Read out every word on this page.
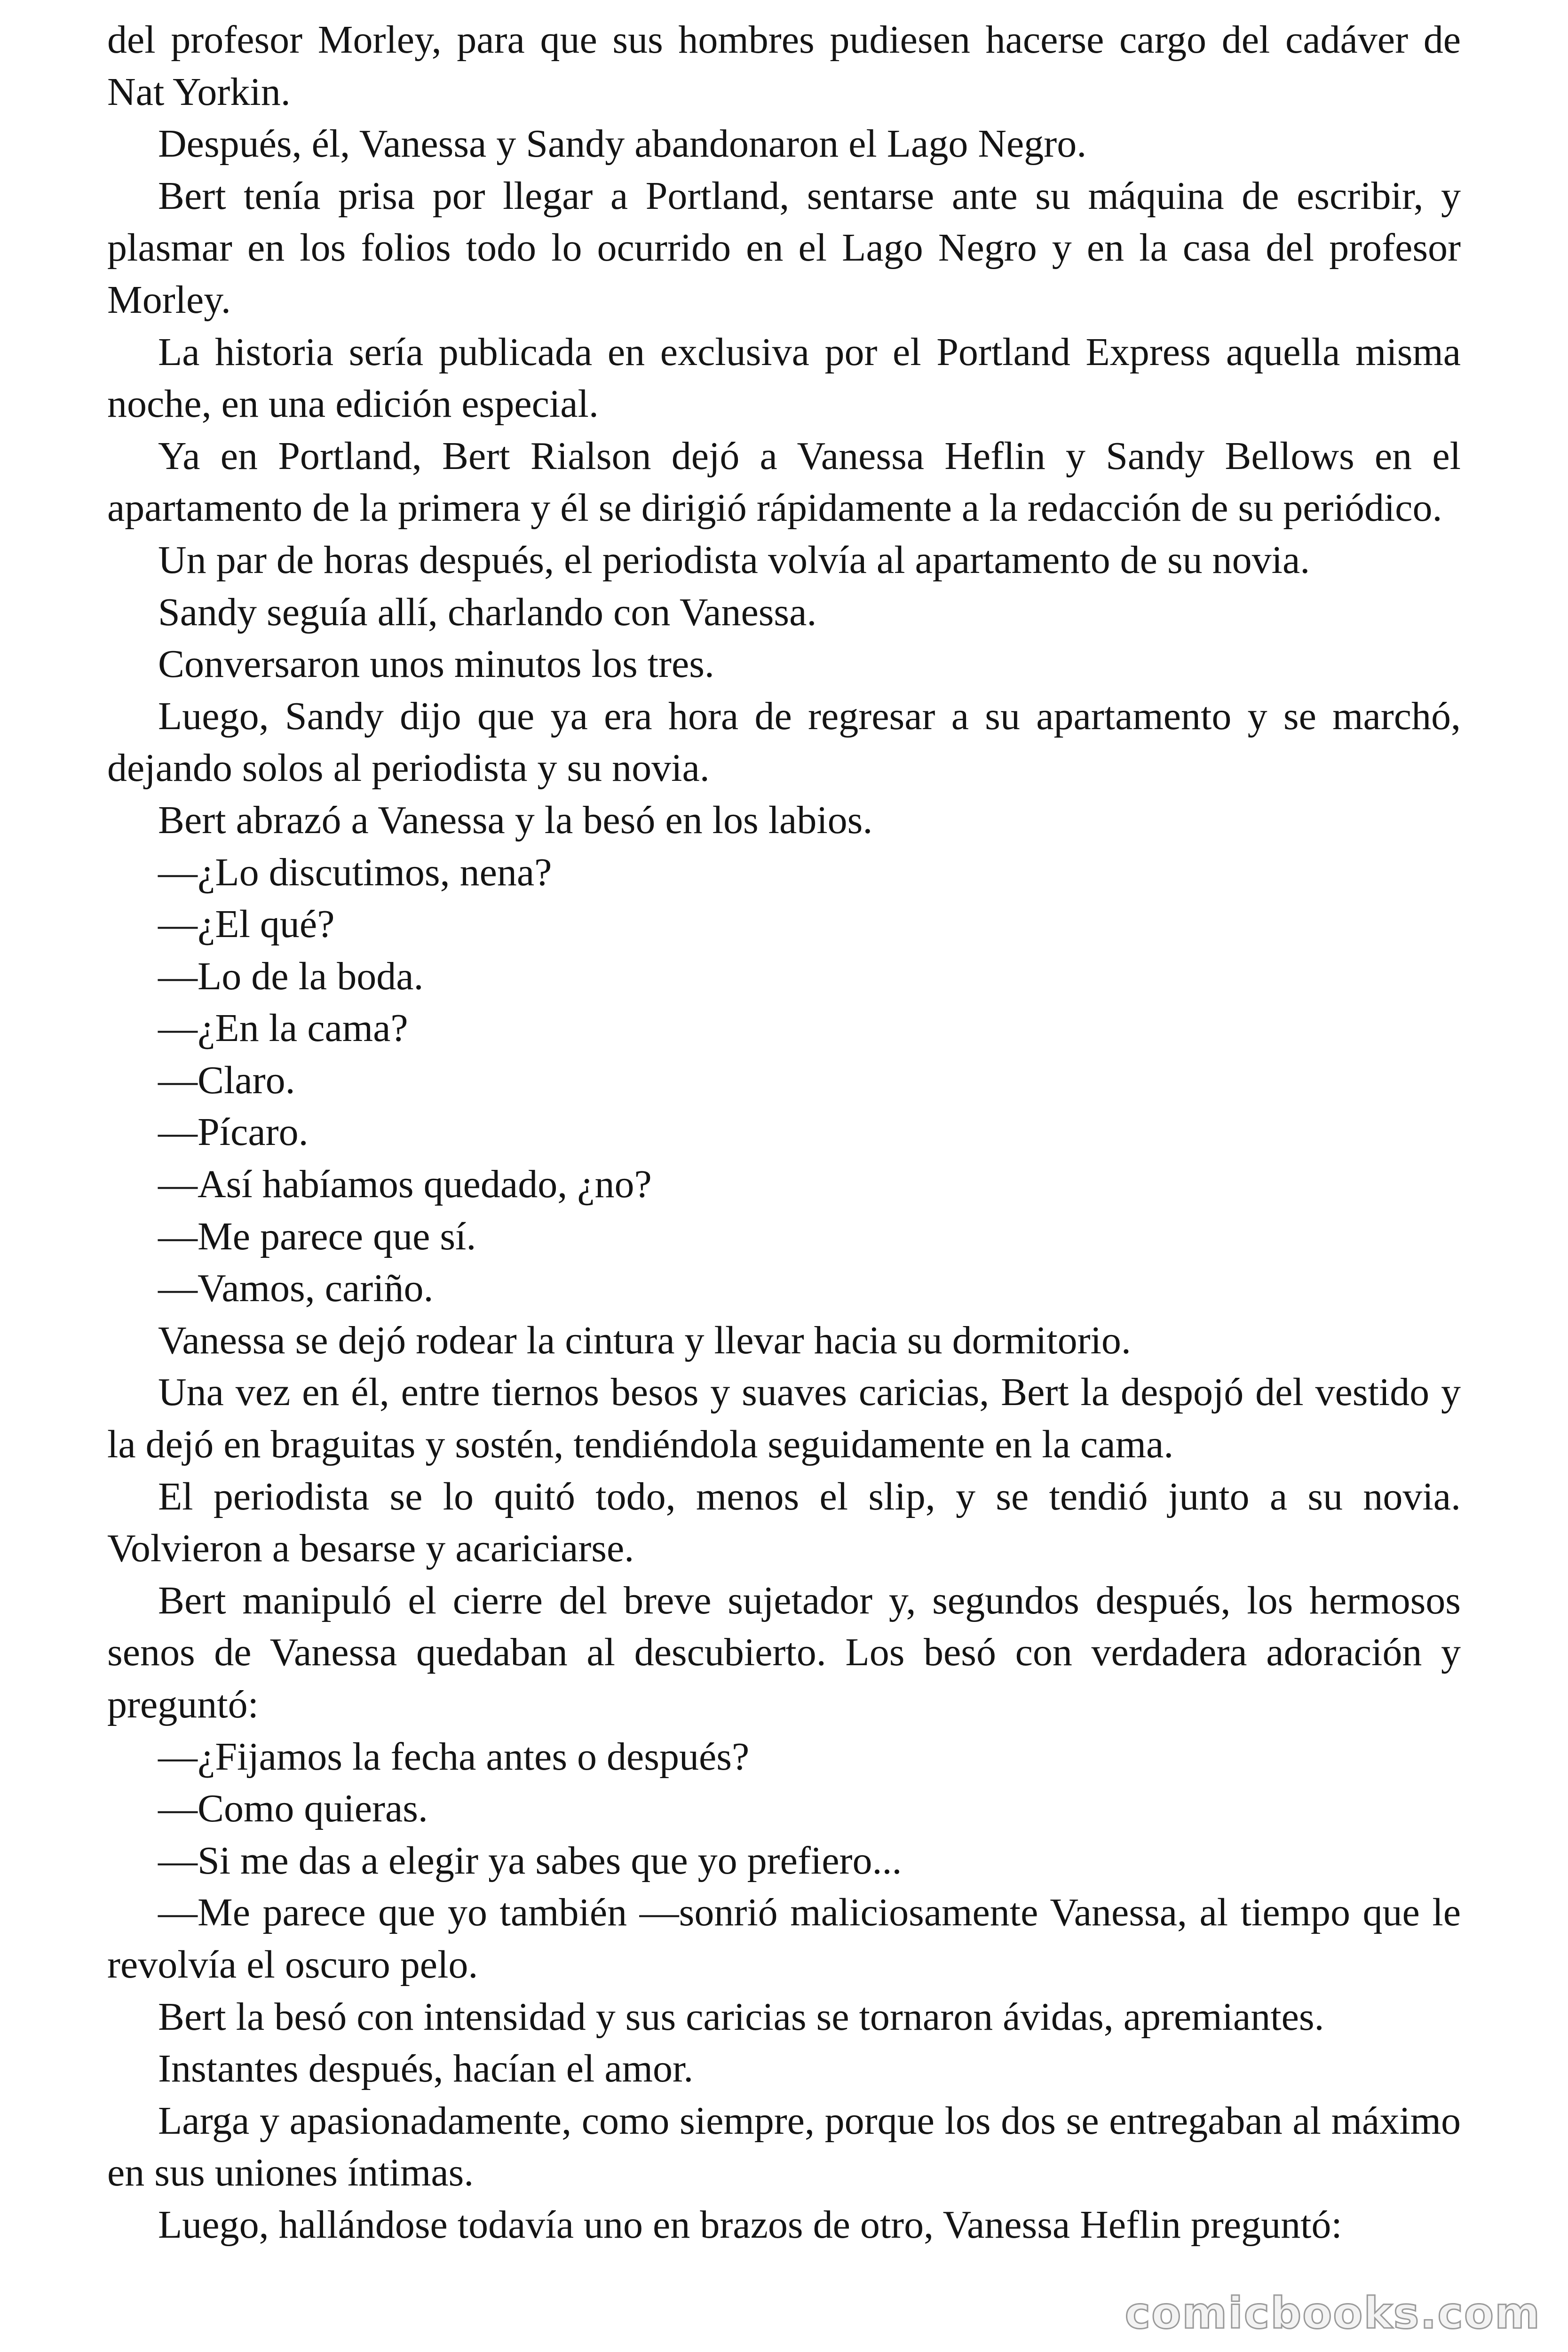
del profesor Morley, para que sus hombres pudiesen hacerse cargo del cadáver de Nat Yorkin.

Después, él, Vanessa y Sandy abandonaron el Lago Negro.

Bert tenía prisa por llegar a Portland, sentarse ante su máquina de escribir, y plasmar en los folios todo lo ocurrido en el Lago Negro y en la casa del profesor Morley.

La historia sería publicada en exclusiva por el Portland Express aquella misma noche, en una edición especial.

Ya en Portland, Bert Rialson dejó a Vanessa Heflin y Sandy Bellows en el apartamento de la primera y él se dirigió rápidamente a la redacción de su periódico.

Un par de horas después, el periodista volvía al apartamento de su novia.

Sandy seguía allí, charlando con Vanessa.

Conversaron unos minutos los tres.

Luego, Sandy dijo que ya era hora de regresar a su apartamento y se marchó, dejando solos al periodista y su novia.

Bert abrazó a Vanessa y la besó en los labios.

—¿Lo discutimos, nena?

—¿El qué?

—Lo de la boda.

—¿En la cama?

—Claro.

—Pícaro.

—Así habíamos quedado, ¿no?

—Me parece que sí.

—Vamos, cariño.

Vanessa se dejó rodear la cintura y llevar hacia su dormitorio.

Una vez en él, entre tiernos besos y suaves caricias, Bert la despojó del vestido y la dejó en braguitas y sostén, tendiéndola seguidamente en la cama.

El periodista se lo quitó todo, menos el slip, y se tendió junto a su novia. Volvieron a besarse y acariciarse.

Bert manipuló el cierre del breve sujetador y, segundos después, los hermosos senos de Vanessa quedaban al descubierto. Los besó con verdadera adoración y preguntó:

—¿Fijamos la fecha antes o después?

—Como quieras.

—Si me das a elegir ya sabes que yo prefiero...

—Me parece que yo también —sonrió maliciosamente Vanessa, al tiempo que le revolvía el oscuro pelo.

Bert la besó con intensidad y sus caricias se tornaron ávidas, apremiantes.

Instantes después, hacían el amor.

Larga y apasionadamente, como siempre, porque los dos se entregaban al máximo en sus uniones íntimas.

Luego, hallándose todavía uno en brazos de otro, Vanessa Heflin preguntó:

comicbooks.com
